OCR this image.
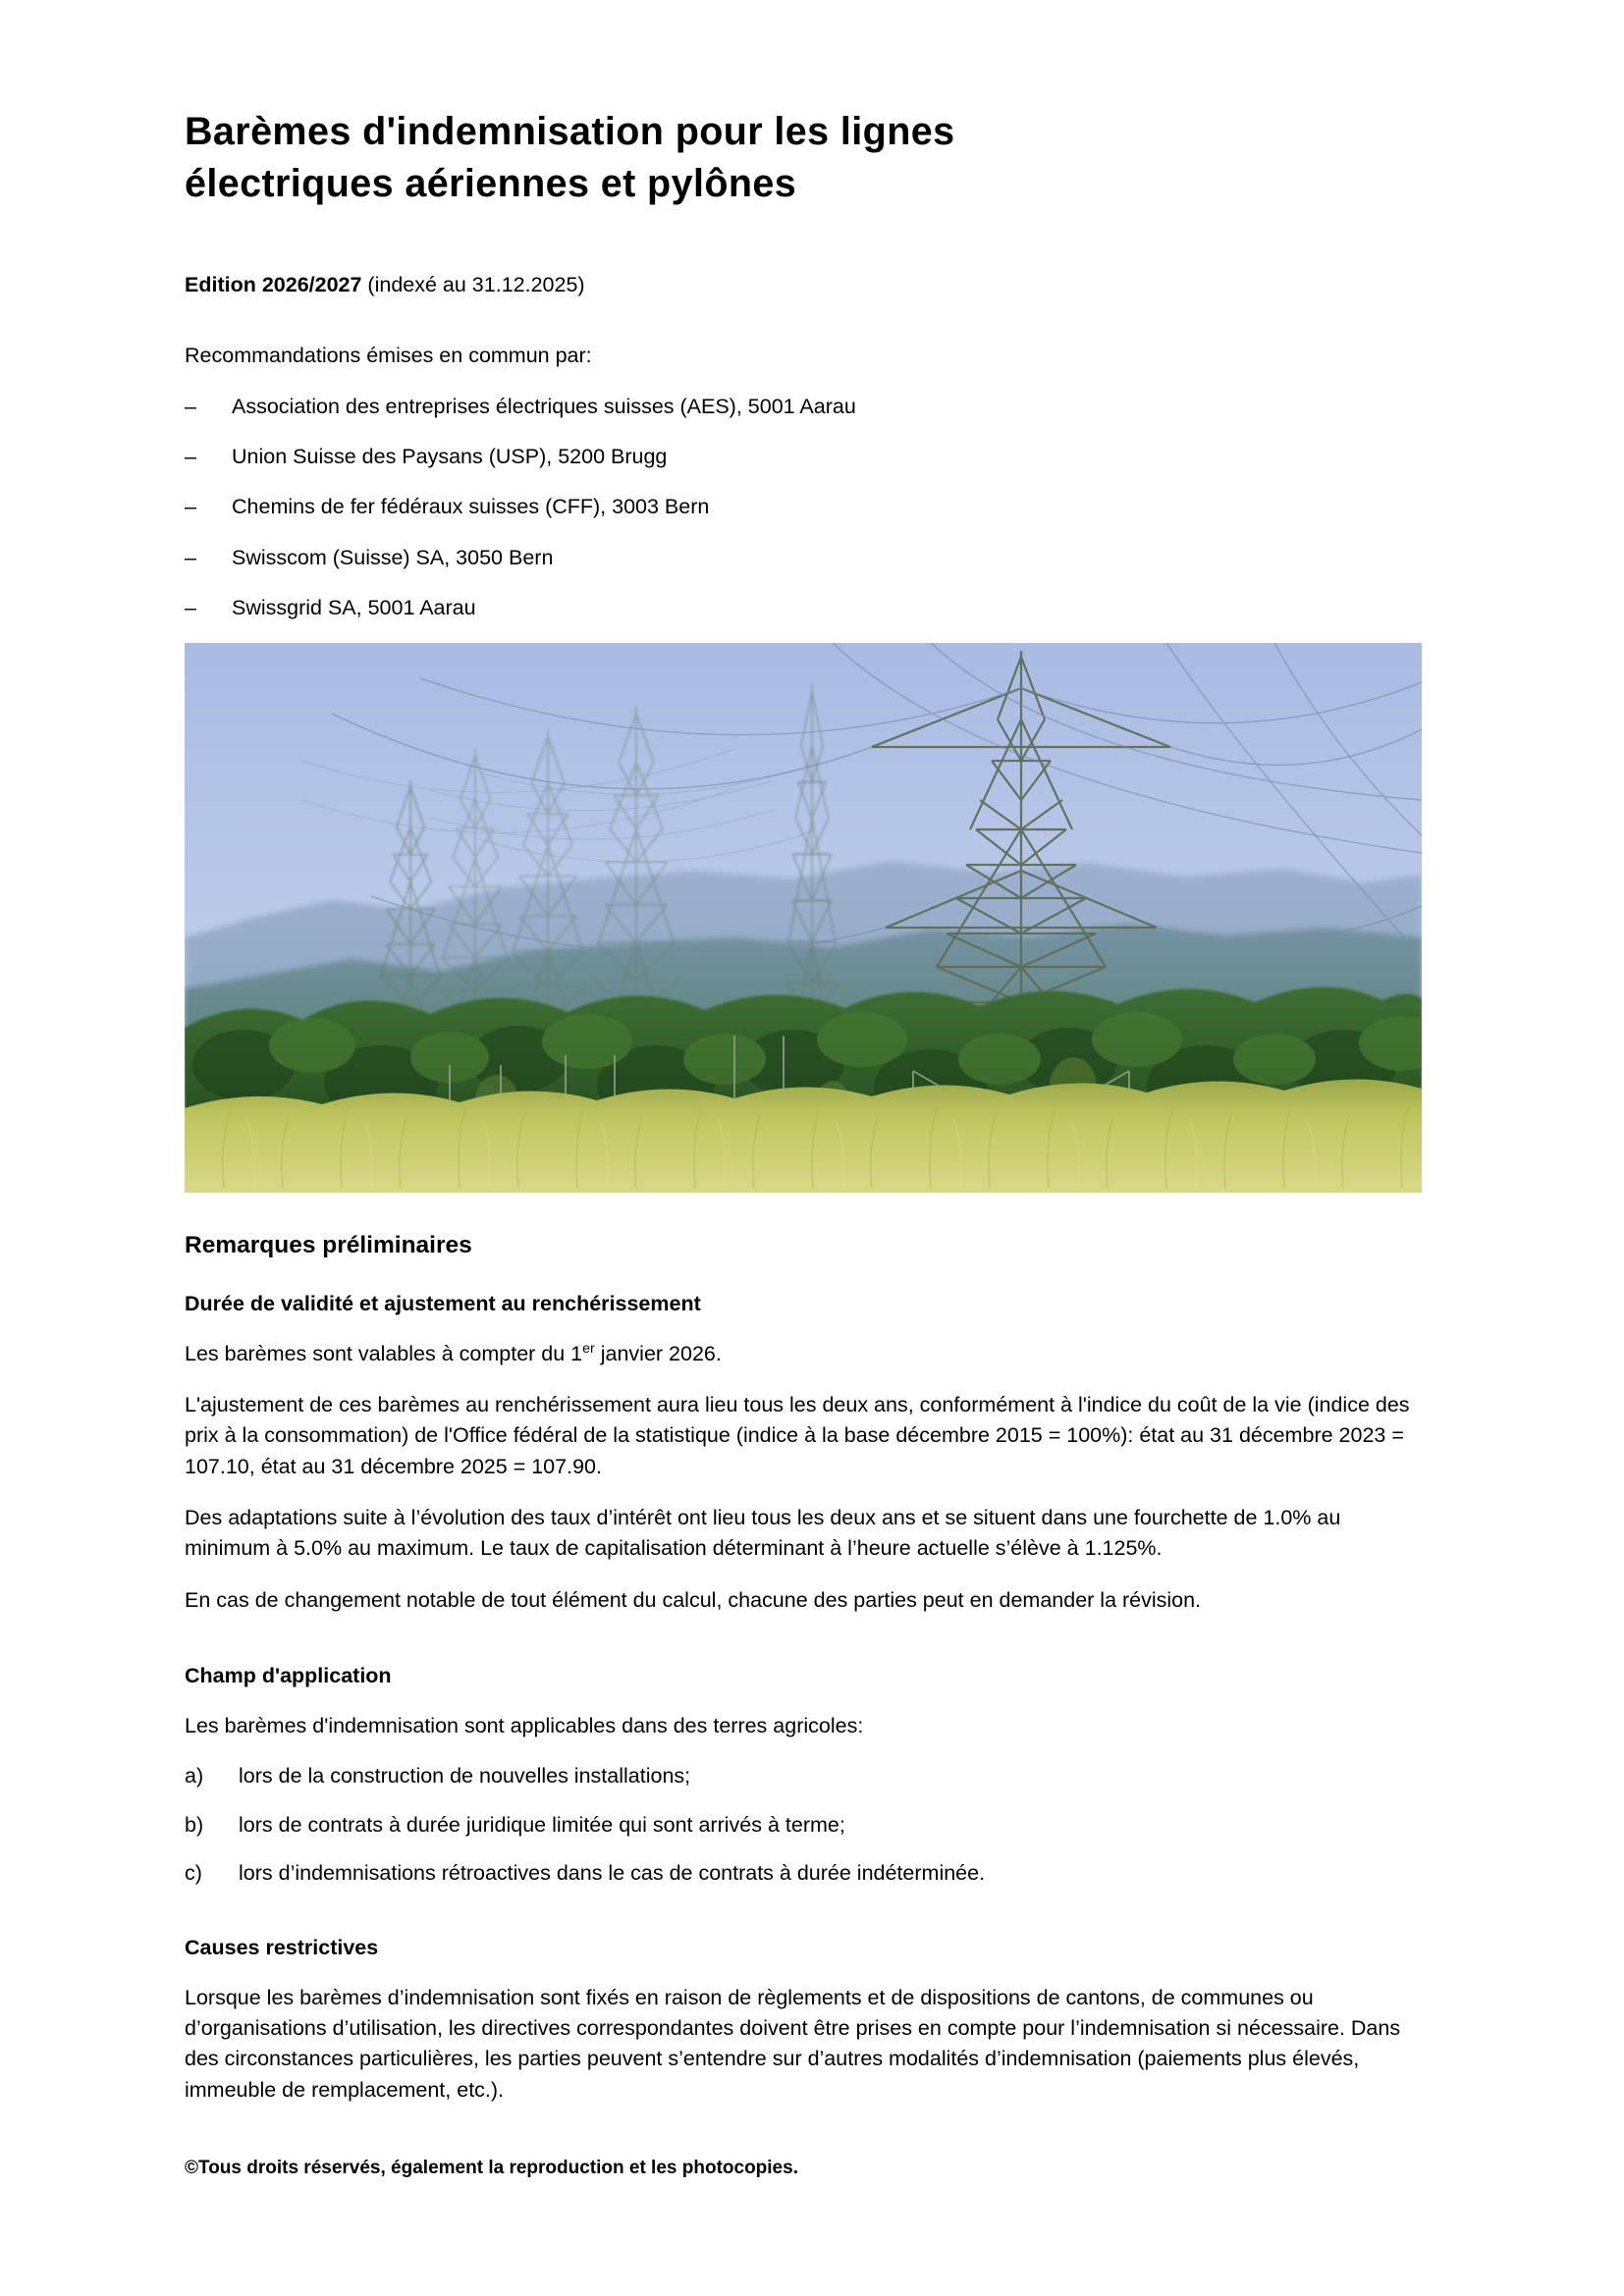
Barèmes d'indemnisation pour les lignes
électriques aériennes et pylônes
Edition 2026/2027 (indexé au 31.12.2025)
Recommandations émises en commun par:
–	Association des entreprises électriques suisses (AES), 5001 Aarau
–	Union Suisse des Paysans (USP), 5200 Brugg
–	Chemins de fer fédéraux suisses (CFF), 3003 Bern
–	Swisscom (Suisse) SA, 3050 Bern
–	Swissgrid SA, 5001 Aarau
Remarques préliminaires
Durée de validité et ajustement au renchérissement

Les barèmes sont valables à compter du 1er janvier 2026.

L'ajustement de ces barèmes au renchérissement aura lieu tous les deux ans, conformément à l'indice du coût de la vie (indice des prix à la consommation) de l'Office fédéral de la statistique (indice à la base décembre 2015 = 100%): état au 31 décembre 2023 = 107.10, état au 31 décembre 2025 = 107.90.

Des adaptations suite à l’évolution des taux d’intérêt ont lieu tous les deux ans et se situent dans une fourchette de 1.0% au minimum à 5.0% au maximum. Le taux de capitalisation déterminant à l’heure actuelle s’élève à 1.125%.

En cas de changement notable de tout élément du calcul, chacune des parties peut en demander la révision.

Champ d'application

Les barèmes d'indemnisation sont applicables dans des terres agricoles:

a)	lors de la construction de nouvelles installations;
b)	lors de contrats à durée juridique limitée qui sont arrivés à terme;
c)	lors d’indemnisations rétroactives dans le cas de contrats à durée indéterminée.
Causes restrictives

Lorsque les barèmes d’indemnisation sont fixés en raison de règlements et de dispositions de cantons, de communes ou d’organisations d’utilisation, les directives correspondantes doivent être prises en compte pour l’indemnisation si nécessaire. Dans des circonstances particulières, les parties peuvent s’entendre sur d’autres modalités d’indemnisation (paiements plus élevés, immeuble de remplacement, etc.).

©Tous droits réservés, également la reproduction et les photocopies.
